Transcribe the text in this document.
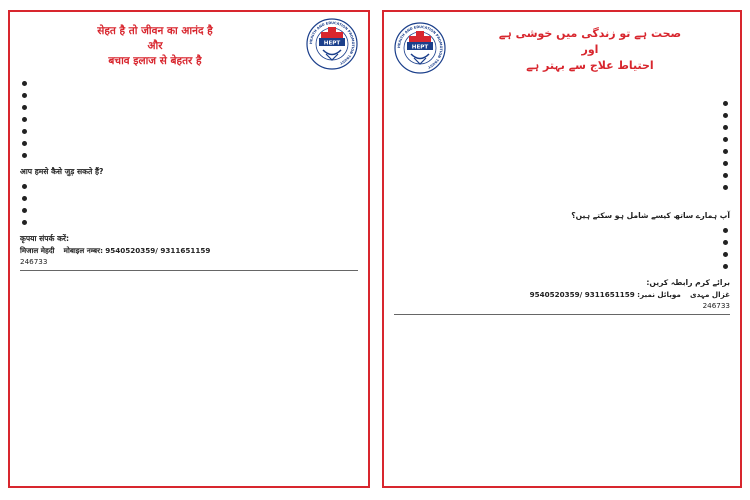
सेहत है तो जीवन का आनंद है
और
बचाव इलाज से बेहतर है
HEALTH AND EDUCATION PROMOTION TRUST
HEPT
आप हमसे कैसे जुड़ सकते हैं?
कृपया संपर्क करें:
मिजाल मेहदी मोबाइल नम्बर: 9540520359/ 9311651159
246733
صحت ہے تو زندگی میں خوشی ہے
اور
احتیاط علاج سے بہتر ہے
HEALTH AND EDUCATION PROMOTION TRUST
HEPT
آپ ہمارے ساتھ کیسے شامل ہو سکتے ہیں؟
برائے کرم رابطہ کریں:
غزال مہدی    موبائل نمبر: 9540520359/ 9311651159
246733
